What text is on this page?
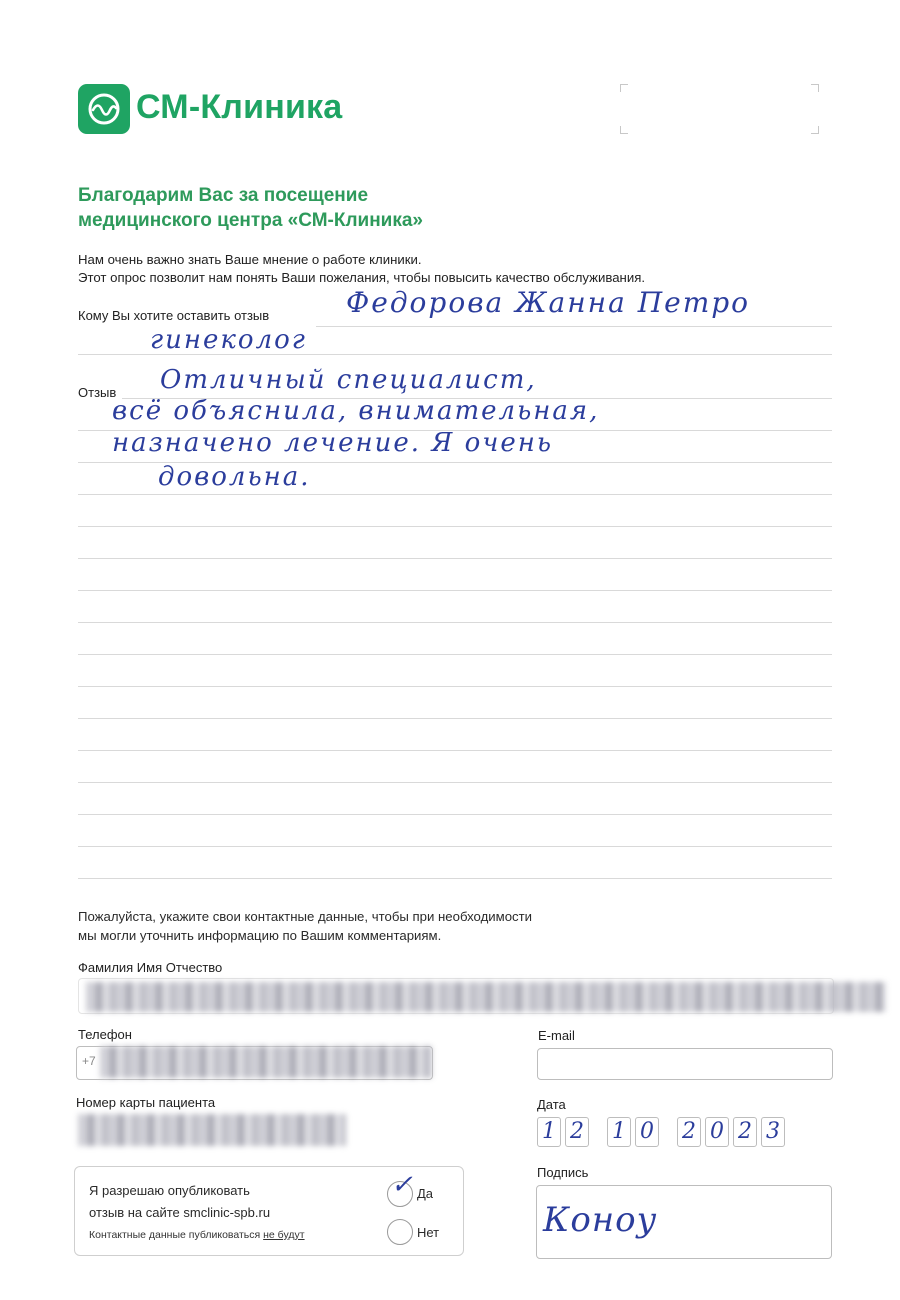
СМ-Клиника
Благодарим Вас за посещение
медицинского центра «СМ-Клиника»
Нам очень важно знать Ваше мнение о работе клиники.
Этот опрос позволит нам понять Ваши пожелания, чтобы повысить качество обслуживания.
Кому Вы хотите оставить отзыв	Федорова Жанна Петро
гинеколог
Отзыв Отличный специалист,
всё объяснила, внимательная,
назначено лечение. Я очень
довольна.
Пожалуйста, укажите свои контактные данные, чтобы при необходимости
мы могли уточнить информацию по Вашим комментариям.
Фамилия Имя Отчество
Телефон
+7
E-mail
Номер карты пациента	Дата
1 2 1 0 2 0 2 3
Подпись
Коноу
Я разрешаю опубликовать
отзыв на сайте smclinic-spb.ru
Контактные данные публиковаться не будут
✓ Да
Нет
